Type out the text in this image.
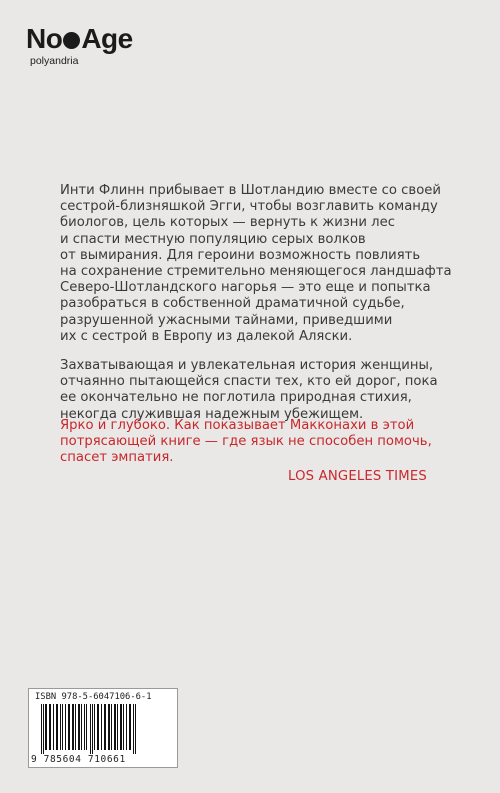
No Age
polyandria

Инти Флинн прибывает в Шотландию вместе со своей
сестрой-близняшкой Эгги, чтобы возглавить команду
биологов, цель которых — вернуть к жизни лес
и спасти местную популяцию серых волков
от вымирания. Для героини возможность повлиять
на сохранение стремительно меняющегося ландшафта
Северо-Шотландского нагорья — это еще и попытка
разобраться в собственной драматичной судьбе,
разрушенной ужасными тайнами, приведшими
их с сестрой в Европу из далекой Аляски.

Захватывающая и увлекательная история женщины,
отчаянно пытающейся спасти тех, кто ей дорог, пока
ее окончательно не поглотила природная стихия,
некогда служившая надежным убежищем.

Ярко и глубоко. Как показывает Макконахи в этой
потрясающей книге — где язык не способен помочь,
спасет эмпатия.
LOS ANGELES TIMES
ISBN 978-5-6047106-6-1
9 785604 710661
